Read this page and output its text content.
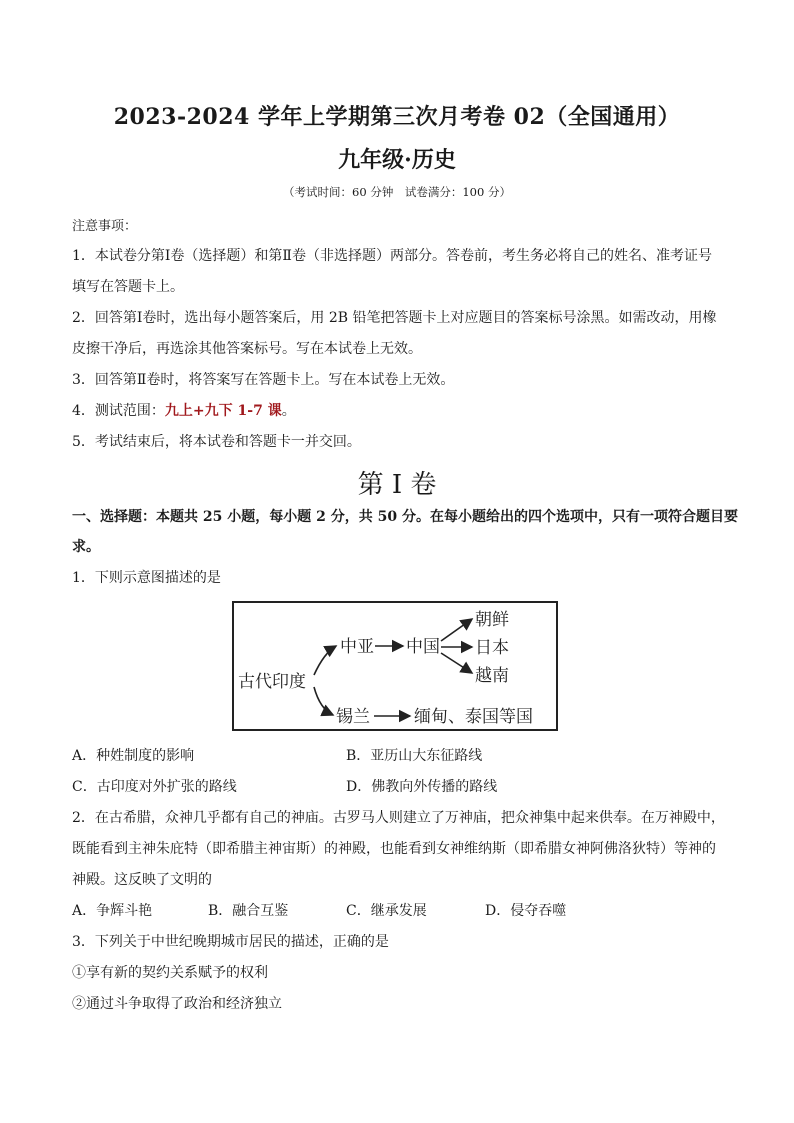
2023-2024 学年上学期第三次月考卷 02（全国通用）
九年级·历史
（考试时间：60 分钟　试卷满分：100 分）
注意事项：
1．本试卷分第Ⅰ卷（选择题）和第Ⅱ卷（非选择题）两部分。答卷前，考生务必将自己的姓名、准考证号
填写在答题卡上。
2．回答第Ⅰ卷时，选出每小题答案后，用 2B 铅笔把答题卡上对应题目的答案标号涂黑。如需改动，用橡
皮擦干净后，再选涂其他答案标号。写在本试卷上无效。
3．回答第Ⅱ卷时，将答案写在答题卡上。写在本试卷上无效。
4．测试范围：九上+九下 1-7 课。
5．考试结束后，将本试卷和答题卡一并交回。
第 I 卷
一、选择题：本题共 25 小题，每小题 2 分，共 50 分。在每小题给出的四个选项中，只有一项符合题目要
求。
1．下则示意图描述的是
古代印度
中亚 中国
朝鲜
日本
越南
锡兰	缅甸、泰国等国
A．种姓制度的影响	B．亚历山大东征路线
C．古印度对外扩张的路线	D．佛教向外传播的路线
2．在古希腊，众神几乎都有自己的神庙。古罗马人则建立了万神庙，把众神集中起来供奉。在万神殿中，
既能看到主神朱庇特（即希腊主神宙斯）的神殿，也能看到女神维纳斯（即希腊女神阿佛洛狄特）等神的
神殿。这反映了文明的
A．争辉斗艳	B．融合互鉴	C．继承发展	D．侵夺吞噬
3．下列关于中世纪晚期城市居民的描述，正确的是
①享有新的契约关系赋予的权利
②通过斗争取得了政治和经济独立
